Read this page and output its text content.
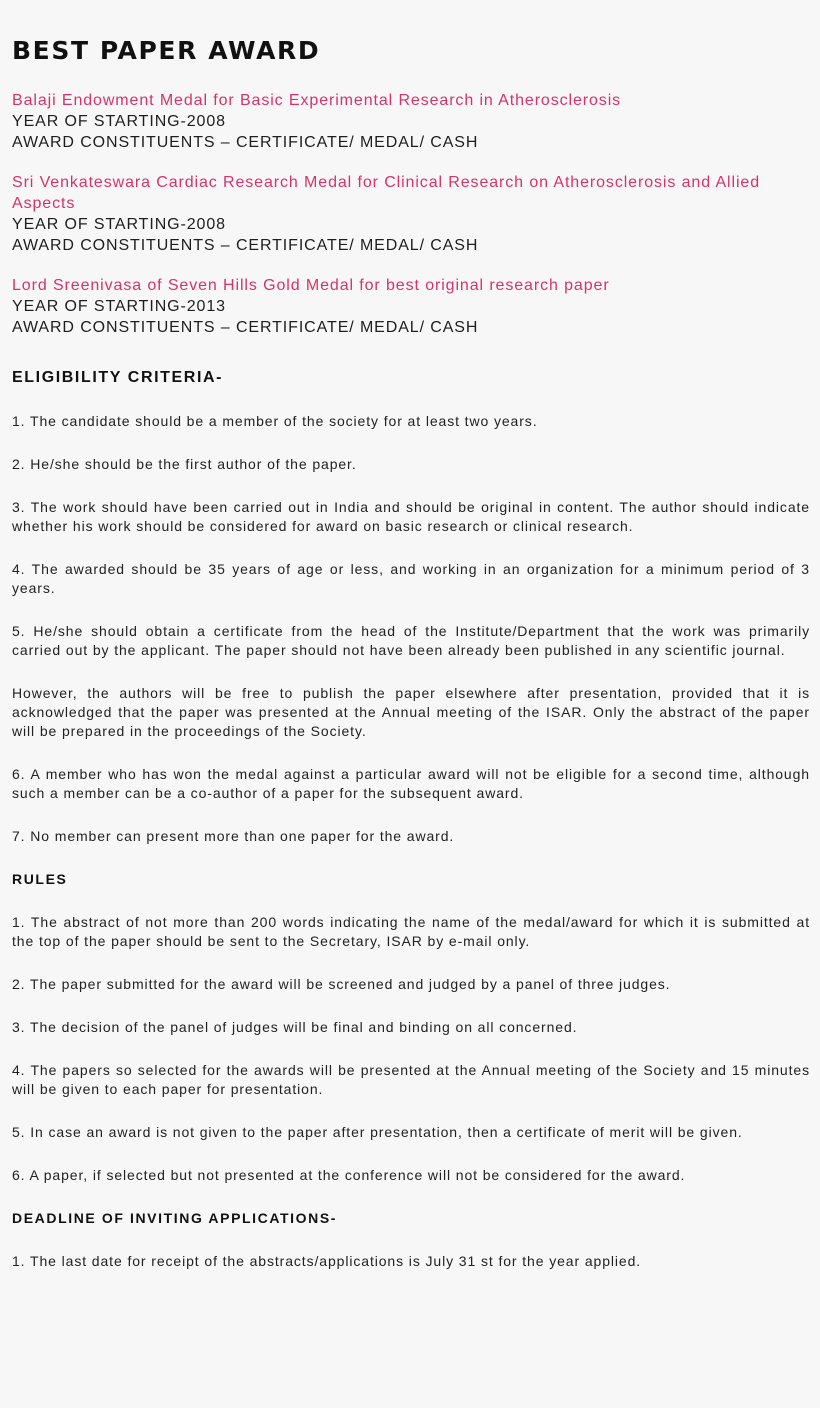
BEST PAPER AWARD
Balaji Endowment Medal for Basic Experimental Research in Atherosclerosis
YEAR OF STARTING-2008
AWARD CONSTITUENTS – CERTIFICATE/ MEDAL/ CASH
Sri Venkateswara Cardiac Research Medal for Clinical Research on Atherosclerosis and Allied Aspects
YEAR OF STARTING-2008
AWARD CONSTITUENTS – CERTIFICATE/ MEDAL/ CASH
Lord Sreenivasa of Seven Hills Gold Medal for best original research paper
YEAR OF STARTING-2013
AWARD CONSTITUENTS – CERTIFICATE/ MEDAL/ CASH
ELIGIBILITY CRITERIA-

1. The candidate should be a member of the society for at least two years.

2. He/she should be the first author of the paper.

3. The work should have been carried out in India and should be original in content. The author should indicate whether his work should be considered for award on basic research or clinical research.

4. The awarded should be 35 years of age or less, and working in an organization for a minimum period of 3 years.

5. He/she should obtain a certificate from the head of the Institute/Department that the work was primarily carried out by the applicant. The paper should not have been already been published in any scientific journal.

However, the authors will be free to publish the paper elsewhere after presentation, provided that it is acknowledged that the paper was presented at the Annual meeting of the ISAR. Only the abstract of the paper will be prepared in the proceedings of the Society.

6. A member who has won the medal against a particular award will not be eligible for a second time, although such a member can be a co-author of a paper for the subsequent award.

7. No member can present more than one paper for the award.

RULES

1. The abstract of not more than 200 words indicating the name of the medal/award for which it is submitted at the top of the paper should be sent to the Secretary, ISAR by e-mail only.

2. The paper submitted for the award will be screened and judged by a panel of three judges.

3. The decision of the panel of judges will be final and binding on all concerned.

4. The papers so selected for the awards will be presented at the Annual meeting of the Society and 15 minutes will be given to each paper for presentation.

5. In case an award is not given to the paper after presentation, then a certificate of merit will be given.

6. A paper, if selected but not presented at the conference will not be considered for the award.

DEADLINE OF INVITING APPLICATIONS-

1. The last date for receipt of the abstracts/applications is July 31 st for the year applied.
